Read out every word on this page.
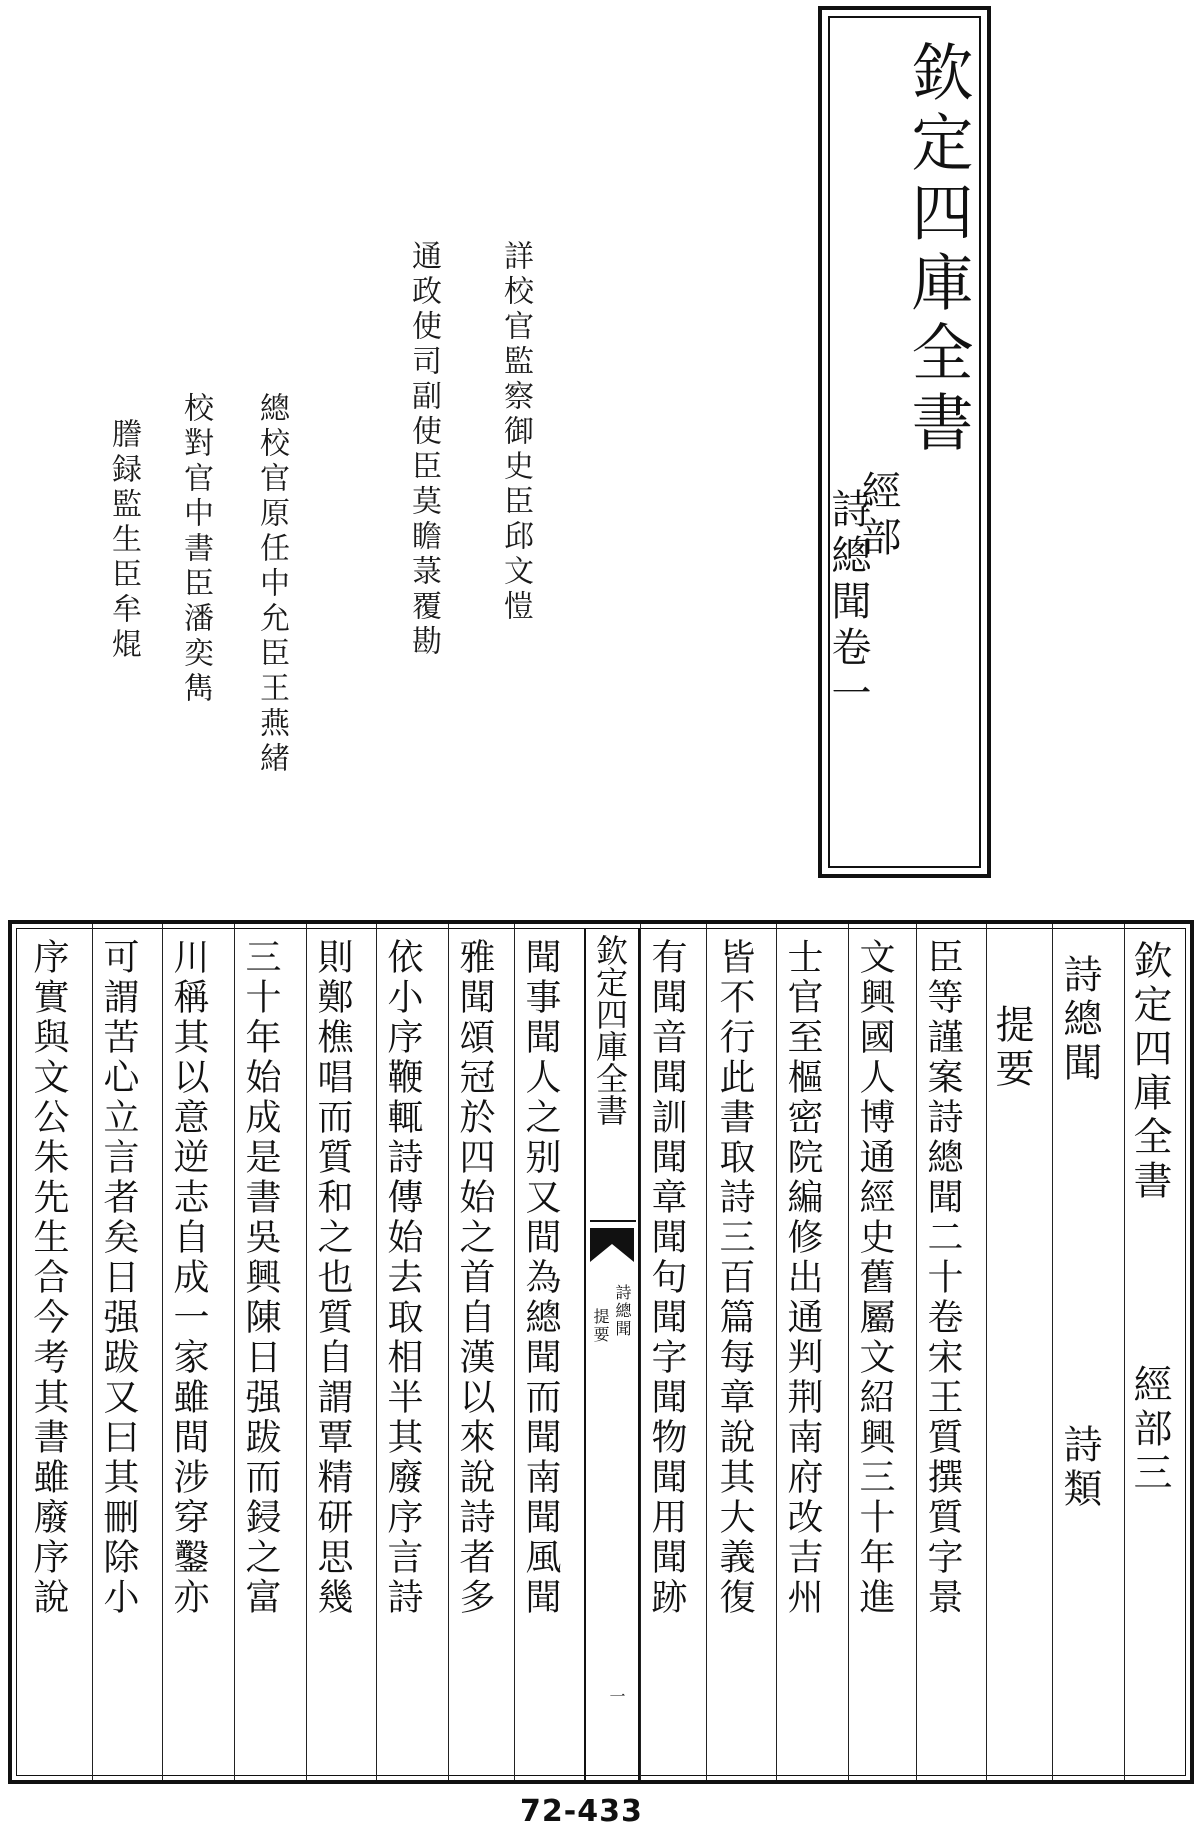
欽定四庫全書
經部
詩總聞卷一
詳校官監察御史臣邱文愷
通政使司副使臣莫瞻菉覆勘
總校官原任中允臣王燕緒
校對官中書臣潘奕雋
謄録監生臣牟焜
欽定四庫全書
經部三
詩總聞
詩類
提要
臣等謹案詩總聞二十卷宋王質撰質字景
文興國人博通經史舊屬文紹興三十年進
士官至樞密院編修出通判荆南府改吉州
皆不行此書取詩三百篇每章說其大義復
有聞音聞訓聞章聞句聞字聞物聞用聞跡
欽定四庫全書
詩總聞
提要
一
聞事聞人之别又間為總聞而聞南聞風聞
雅聞頌冠於四始之首自漢以來說詩者多
依小序鞭輒詩傳始去取相半其廢序言詩
則鄭樵唱而質和之也質自謂覃精研思幾
三十年始成是書吳興陳日强跋而鋟之富
川稱其以意逆志自成一家雖間涉穿鑿亦
可謂苦心立言者矣日强跋又曰其刪除小
序實與文公朱先生合今考其書雖廢序說
72-433
